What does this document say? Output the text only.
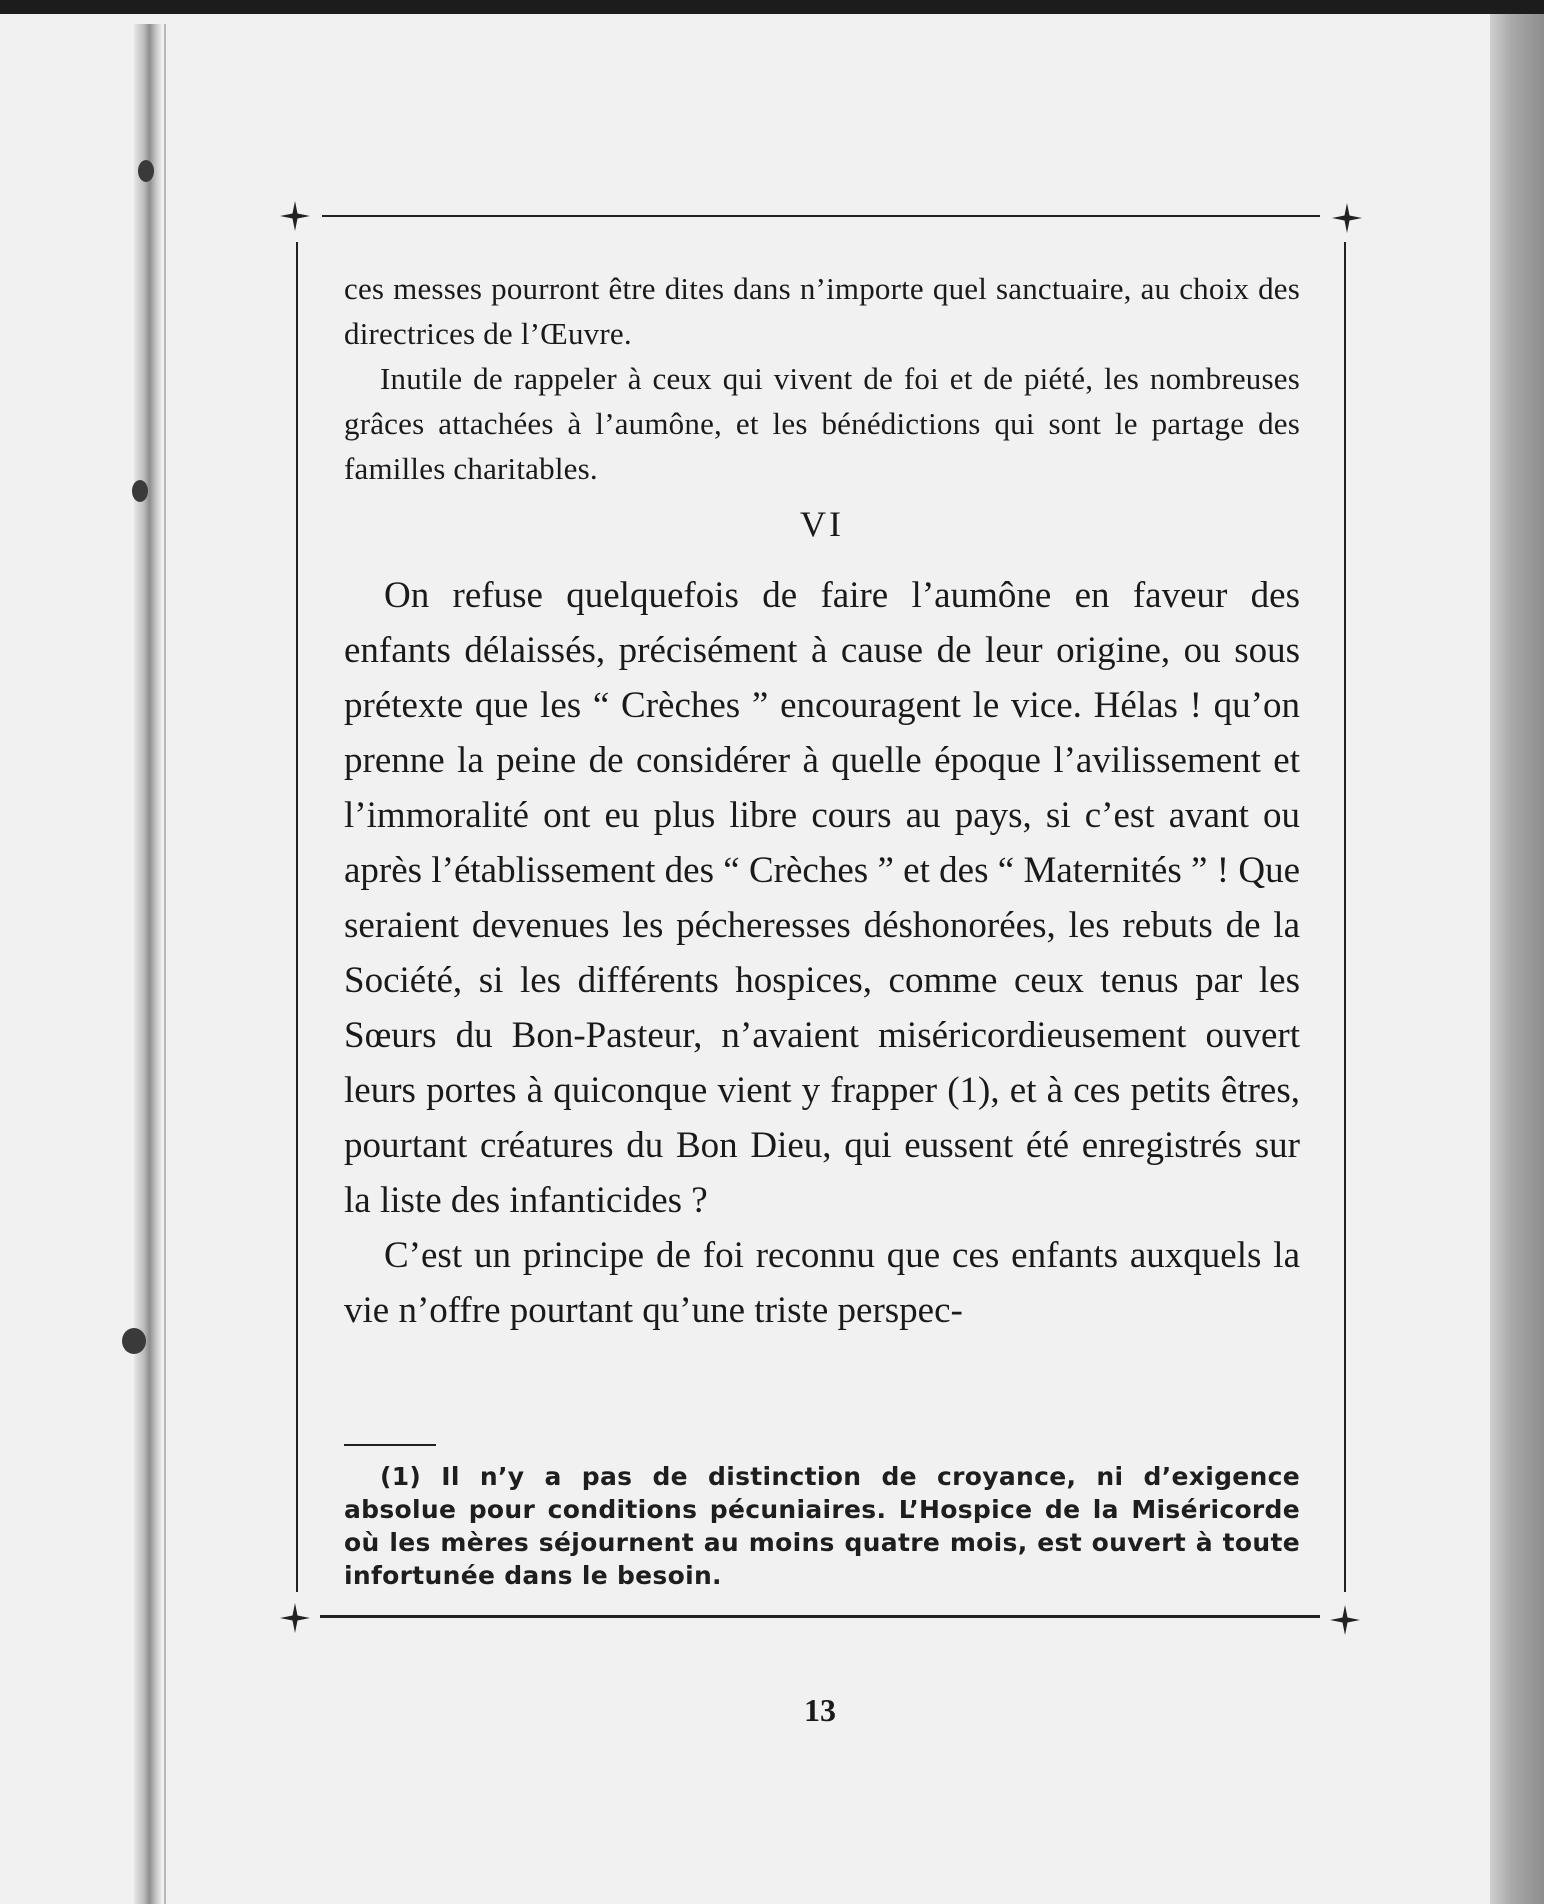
ces messes pourront être dites dans n’importe quel sanctuaire, au choix des directrices de l’Œuvre.

Inutile de rappeler à ceux qui vivent de foi et de piété, les nombreuses grâces attachées à l’aumône, et les bénédictions qui sont le partage des familles charitables.

VI

On refuse quelquefois de faire l’aumône en faveur des enfants délaissés, précisément à cause de leur origine, ou sous prétexte que les “ Crèches ” encouragent le vice. Hélas ! qu’on prenne la peine de considérer à quelle époque l’avilissement et l’immoralité ont eu plus libre cours au pays, si c’est avant ou après l’établissement des “ Crèches ” et des “ Maternités ” ! Que seraient devenues les pécheresses déshonorées, les rebuts de la Société, si les différents hospices, comme ceux tenus par les Sœurs du Bon-Pasteur, n’avaient miséricordieusement ouvert leurs portes à quiconque vient y frapper (1), et à ces petits êtres, pourtant créatures du Bon Dieu, qui eussent été enregistrés sur la liste des infanticides ?

C’est un principe de foi reconnu que ces enfants auxquels la vie n’offre pourtant qu’une triste perspec-

(1) Il n’y a pas de distinction de croyance, ni d’exigence absolue pour conditions pécuniaires. L’Hospice de la Miséricorde où les mères séjournent au moins quatre mois, est ouvert à toute infortunée dans le besoin.

13
